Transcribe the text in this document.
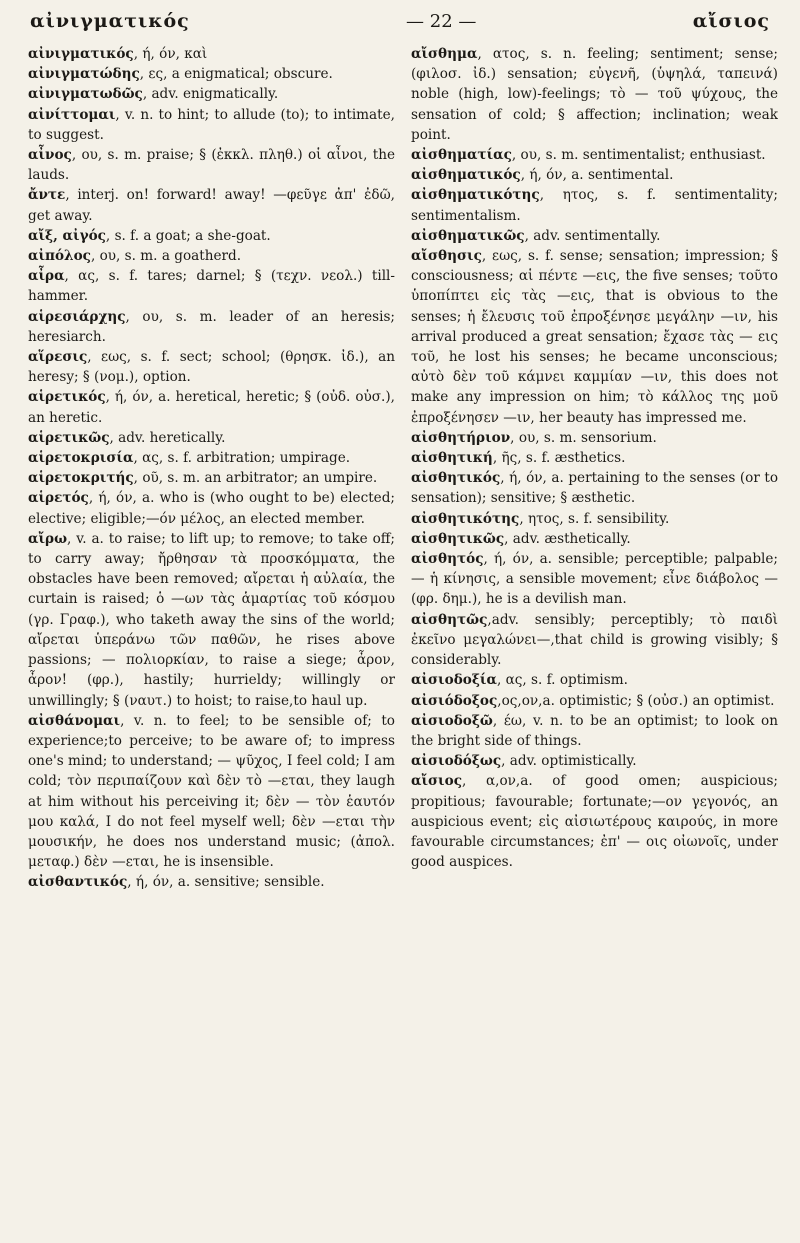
αἰνιγματικός	— 22 —	αἴσιος

αἰνιγματικός, ή, όν, καὶ

αἰνιγματώδης, ες, a enigmatical; obscure.

αἰνιγματωδῶς, adv. enigmatically.

αἰνίττομαι, v. n. to hint; to allude (to); to intimate, to suggest.

αἶνος, ου, s. m. praise; § (ἐκκλ. πληθ.) οἱ αἶνοι, the lauds.

ἄντε, interj. on! forward! away! —φεῦγε ἀπ' ἐδῶ, get away.

αἴξ, αἰγός, s. f. a goat; a she-goat.

αἰπόλος, ου, s. m. a goatherd.

αἶρα, ας, s. f. tares; darnel; § (τεχν. νεολ.) till-hammer.

αἱρεσιάρχης, ου, s. m. leader of an heresis; heresiarch.

αἵρεσις, εως, s. f. sect; school; (θρησκ. ἰδ.), an heresy; § (νομ.), option.

αἱρετικός, ή, όν, a. heretical, heretic; § (οὐδ. οὐσ.), an heretic.

αἱρετικῶς, adv. heretically.

αἱρετοκρισία, ας, s. f. arbitration; umpirage.

αἱρετοκριτής, οῦ, s. m. an arbitrator; an umpire.

αἱρετός, ή, όν, a. who is (who ought to be) elected; elective; eligible;—όν μέλος, an elected member.

αἴρω, v. a. to raise; to lift up; to remove; to take off; to carry away; ἤρθησαν τὰ προσκόμματα, the obstacles have been removed; αἴρεται ἡ αὐλαία, the curtain is raised; ὁ —ων τὰς ἁμαρτίας τοῦ κόσμου (γρ. Γραφ.), who taketh away the sins of the world; αἴρεται ὑπεράνω τῶν παθῶν, he rises above passions; — πολιορκίαν, to raise a siege; ἆρον, ἆρον! (φρ.), hastily; hurrieldy; willingly or unwillingly; § (ναυτ.) to hoist; to raise,to haul up.

αἰσθάνομαι, v. n. to feel; to be sensible of; to experience;to perceive; to be aware of; to impress one's mind; to understand; — ψῦχος, I feel cold; I am cold; τὸν περιπαίζουν καὶ δὲν τὸ —εται, they laugh at him without his perceiving it; δὲν — τὸν ἑαυτόν μου καλά, I do not feel myself well; δὲν —εται τὴν μουσικήν, he does nos understand music; (ἀπολ. μεταφ.) δὲν —εται, he is insensible.

αἰσθαντικός, ή, όν, a. sensitive; sensible.

αἴσθημα, ατος, s. n. feeling; sentiment; sense; (φιλοσ. ἰδ.) sensation; εὐγενῆ, (ὑψηλά, ταπεινά) noble (high, low)-feelings; τὸ — τοῦ ψύχους, the sensation of cold; § affection; inclination; weak point.

αἰσθηματίας, ου, s. m. sentimentalist; enthusiast.

αἰσθηματικός, ή, όν, a. sentimental.

αἰσθηματικότης, ητος, s. f. sentimentality; sentimentalism.

αἰσθηματικῶς, adv. sentimentally.

αἴσθησις, εως, s. f. sense; sensation; impression; § consciousness; αἱ πέντε —εις, the five senses; τοῦτο ὑποπίπτει εἰς τὰς —εις, that is obvious to the senses; ἡ ἔλευσις τοῦ ἐπροξένησε μεγάλην —ιν, his arrival produced a great sensation; ἔχασε τὰς — εις τοῦ, he lost his senses; he became unconscious; αὐτὸ δὲν τοῦ κάμνει καμμίαν —ιν, this does not make any impression on him; τὸ κάλλος της μοῦ ἐπροξένησεν —ιν, her beauty has impressed me.

αἰσθητήριον, ου, s. m. sensorium.

αἰσθητική, ῆς, s. f. æsthetics.

αἰσθητικός, ή, όν, a. pertaining to the senses (or to sensation); sensitive; § æsthetic.

αἰσθητικότης, ητος, s. f. sensibility.

αἰσθητικῶς, adv. æsthetically.

αἰσθητός, ή, όν, a. sensible; perceptible; palpable; — ἡ κίνησις, a sensible movement; εἶνε διάβολος — (φρ. δημ.), he is a devilish man.

αἰσθητῶς,adv. sensibly; perceptibly; τὸ παιδὶ ἐκεῖνο μεγαλώνει—,that child is growing visibly; § considerably.

αἰσιοδοξία, ας, s. f. optimism.

αἰσιόδοξος,ος,ον,a. optimistic; § (οὐσ.) an optimist.

αἰσιοδοξῶ, έω, v. n. to be an optimist; to look on the bright side of things.

αἰσιοδόξως, adv. optimistically.

αἴσιος, α,ον,a. of good omen; auspicious; propitious; favourable; fortunate;—ον γεγονός, an auspicious event; εἰς αἰσιωτέρους καιρούς, in more favourable circumstances; ἐπ' — οις οἰωνοῖς, under good auspices.
